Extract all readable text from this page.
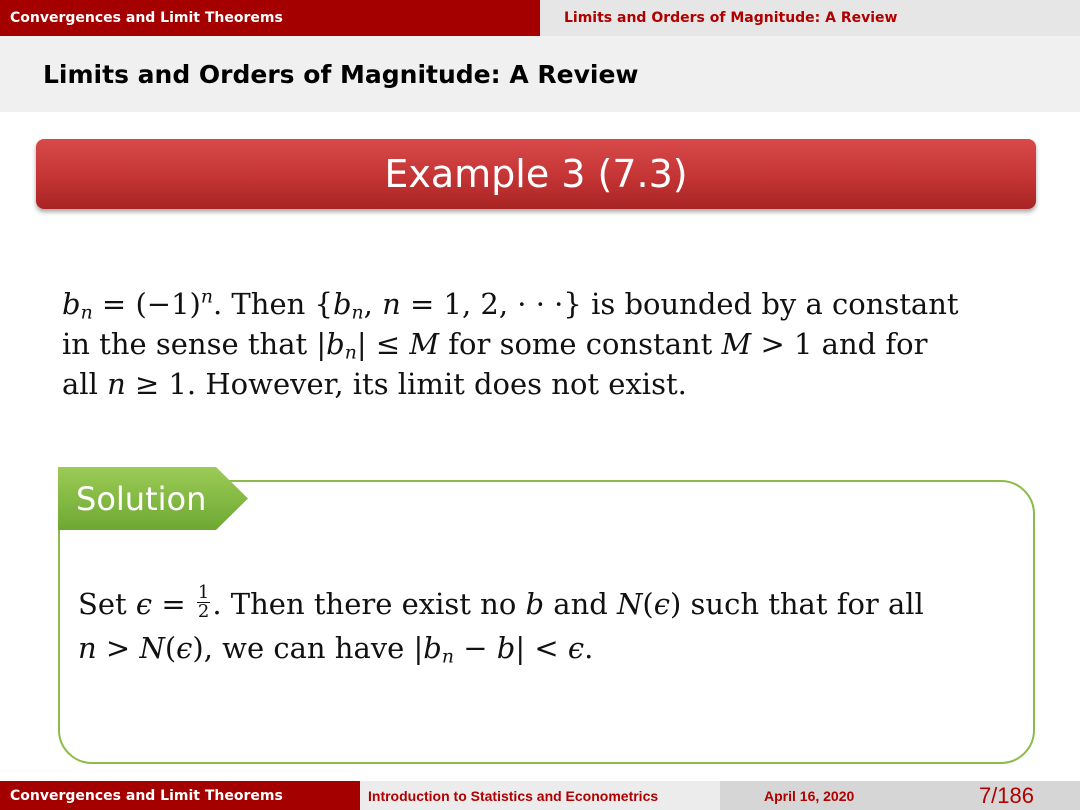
Convergences and Limit Theorems	Limits and Orders of Magnitude: A Review
Limits and Orders of Magnitude: A Review
Example 3 (7.3)
$b_n = (-1)^n$. Then {$b_n$, n = 1, 2, · · ·} is bounded by a constant
in the sense that $|b_n| \le M$ for some constant M > 1 and for
all n ≥ 1. However, its limit does not exist.
Solution
Set $\epsilon = \frac{1}{2}$ . Then there exist no b and N(ϵ) such that for all
n > N(ϵ), we can have $|b_n - b| < \epsilon$.
Convergences and Limit Theorems	Introduction to Statistics and Econometrics	April 16, 2020	7/186
